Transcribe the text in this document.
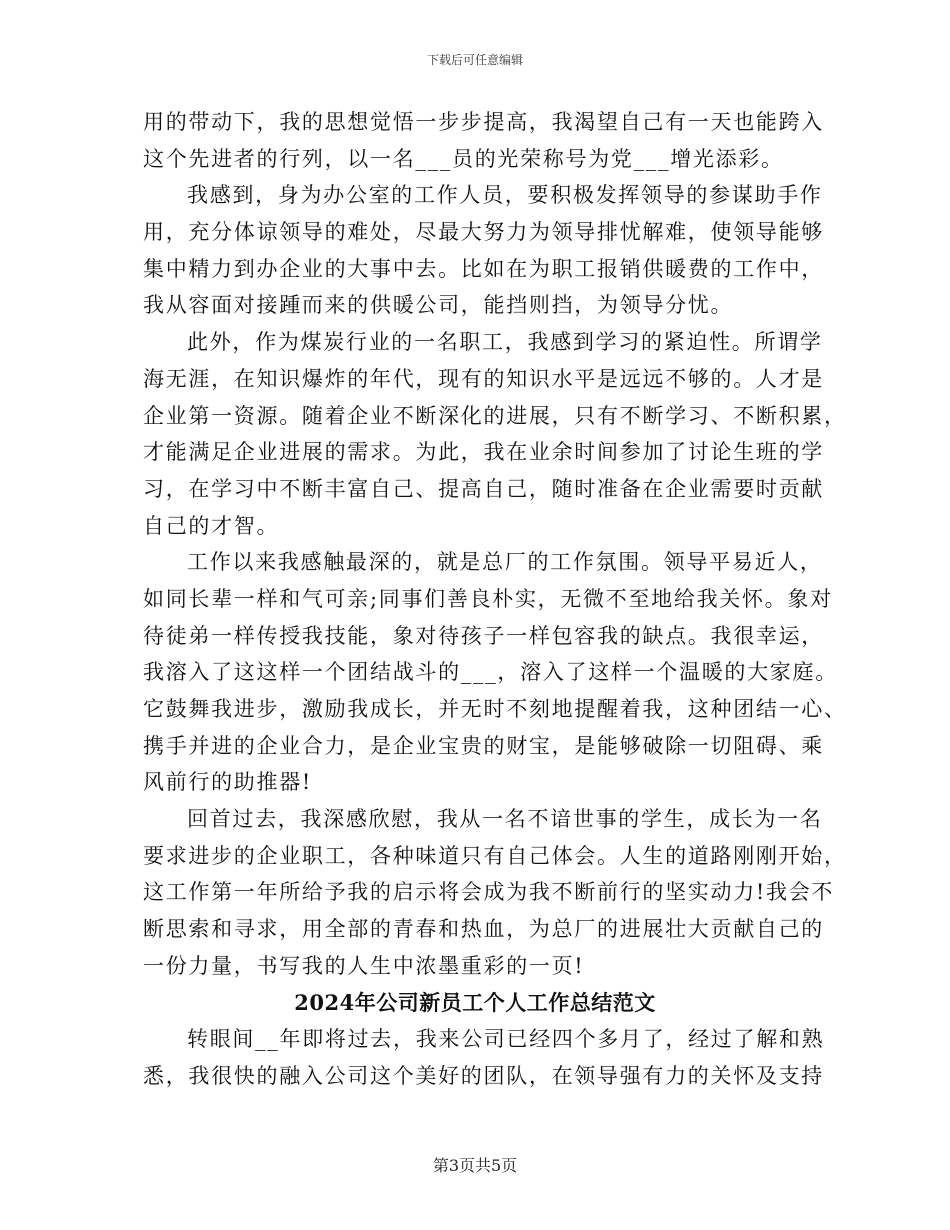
下载后可任意编辑
用的带动下，我的思想觉悟一步步提高，我渴望自己有一天也能跨入
这个先进者的行列，以一名___员的光荣称号为党___增光添彩。
我感到，身为办公室的工作人员，要积极发挥领导的参谋助手作
用，充分体谅领导的难处，尽最大努力为领导排忧解难，使领导能够
集中精力到办企业的大事中去。比如在为职工报销供暖费的工作中，
我从容面对接踵而来的供暖公司，能挡则挡，为领导分忧。
此外，作为煤炭行业的一名职工，我感到学习的紧迫性。所谓学
海无涯，在知识爆炸的年代，现有的知识水平是远远不够的。人才是
企业第一资源。随着企业不断深化的进展，只有不断学习、不断积累，
才能满足企业进展的需求。为此，我在业余时间参加了讨论生班的学
习，在学习中不断丰富自己、提高自己，随时准备在企业需要时贡献
自己的才智。
工作以来我感触最深的，就是总厂的工作氛围。领导平易近人，
如同长辈一样和气可亲;同事们善良朴实，无微不至地给我关怀。象对
待徒弟一样传授我技能，象对待孩子一样包容我的缺点。我很幸运，
我溶入了这这样一个团结战斗的___，溶入了这样一个温暖的大家庭。
它鼓舞我进步，激励我成长，并无时不刻地提醒着我，这种团结一心、
携手并进的企业合力，是企业宝贵的财宝，是能够破除一切阻碍、乘
风前行的助推器!
回首过去，我深感欣慰，我从一名不谙世事的学生，成长为一名
要求进步的企业职工，各种味道只有自己体会。人生的道路刚刚开始，
这工作第一年所给予我的启示将会成为我不断前行的坚实动力!我会不
断思索和寻求，用全部的青春和热血，为总厂的进展壮大贡献自己的
一份力量，书写我的人生中浓墨重彩的一页!
2024年公司新员工个人工作总结范文
转眼间__年即将过去，我来公司已经四个多月了，经过了解和熟
悉，我很快的融入公司这个美好的团队，在领导强有力的关怀及支持
第3页共5页
